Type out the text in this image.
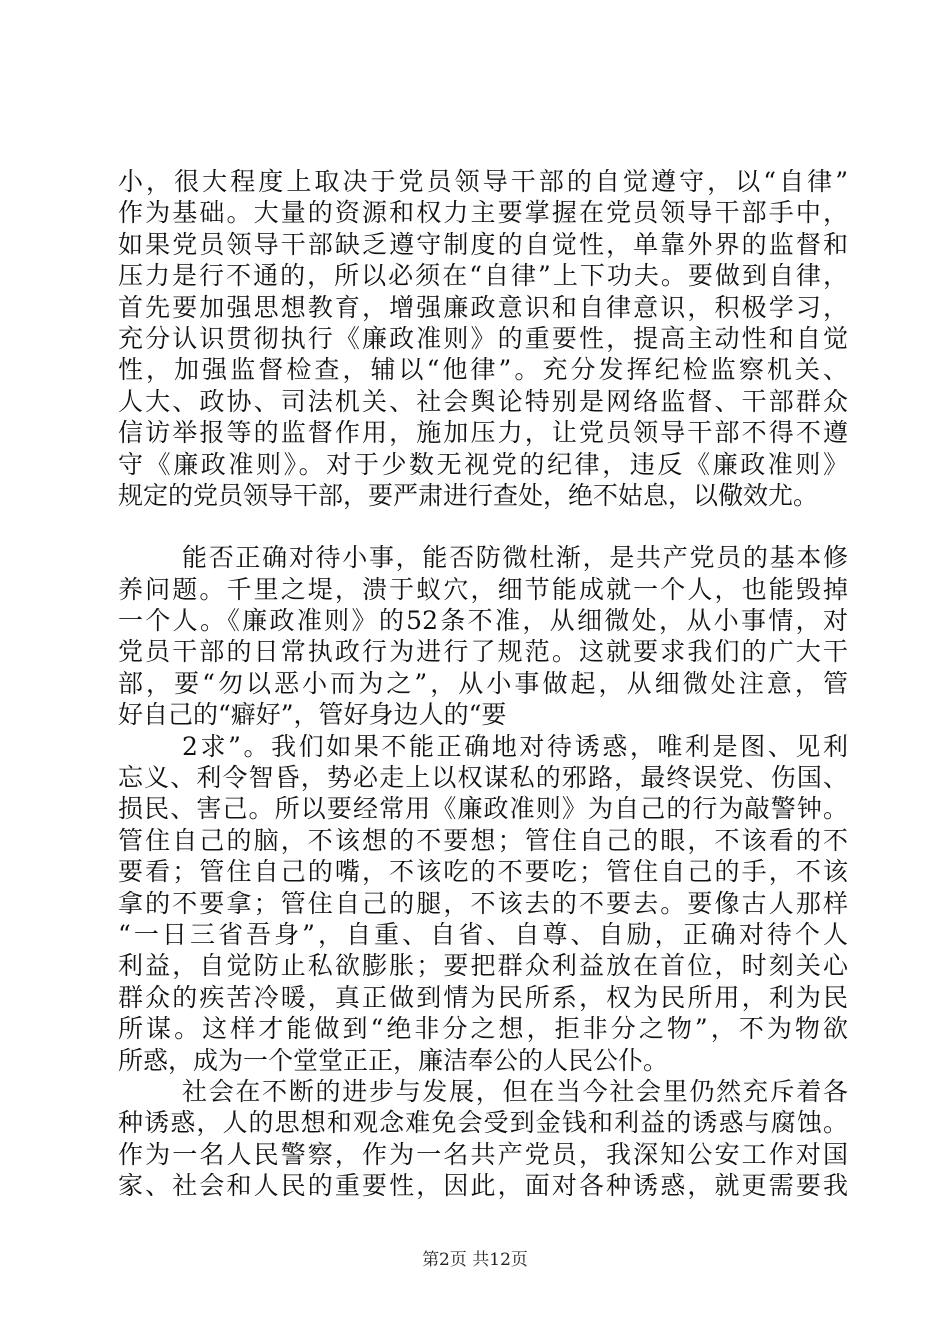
小，很大程度上取决于党员领导干部的自觉遵守，以“自律”
作为基础。大量的资源和权力主要掌握在党员领导干部手中，
如果党员领导干部缺乏遵守制度的自觉性，单靠外界的监督和
压力是行不通的，所以必须在“自律”上下功夫。要做到自律，
首先要加强思想教育，增强廉政意识和自律意识，积极学习，
充分认识贯彻执行《廉政准则》的重要性，提高主动性和自觉
性，加强监督检查，辅以“他律”。充分发挥纪检监察机关、
人大、政协、司法机关、社会舆论特别是网络监督、干部群众
信访举报等的监督作用，施加压力，让党员领导干部不得不遵
守《廉政准则》。对于少数无视党的纪律，违反《廉政准则》
规定的党员领导干部，要严肃进行查处，绝不姑息，以儆效尤。
能否正确对待小事，能否防微杜渐，是共产党员的基本修
养问题。千里之堤，溃于蚁穴，细节能成就一个人，也能毁掉
一个人。《廉政准则》的52条不准，从细微处，从小事情，对
党员干部的日常执政行为进行了规范。这就要求我们的广大干
部，要“勿以恶小而为之”，从小事做起，从细微处注意，管
好自己的“癖好”，管好身边人的“要
2求”。我们如果不能正确地对待诱惑，唯利是图、见利
忘义、利令智昏，势必走上以权谋私的邪路，最终误党、伤国、
损民、害己。所以要经常用《廉政准则》为自己的行为敲警钟。
管住自己的脑，不该想的不要想；管住自己的眼，不该看的不
要看；管住自己的嘴，不该吃的不要吃；管住自己的手，不该
拿的不要拿；管住自己的腿，不该去的不要去。要像古人那样
“一日三省吾身”，自重、自省、自尊、自励，正确对待个人
利益，自觉防止私欲膨胀；要把群众利益放在首位，时刻关心
群众的疾苦冷暖，真正做到情为民所系，权为民所用，利为民
所谋。这样才能做到“绝非分之想，拒非分之物”，不为物欲
所惑，成为一个堂堂正正，廉洁奉公的人民公仆。
社会在不断的进步与发展，但在当今社会里仍然充斥着各
种诱惑，人的思想和观念难免会受到金钱和利益的诱惑与腐蚀。
作为一名人民警察，作为一名共产党员，我深知公安工作对国
家、社会和人民的重要性，因此，面对各种诱惑，就更需要我
第2页 共12页
